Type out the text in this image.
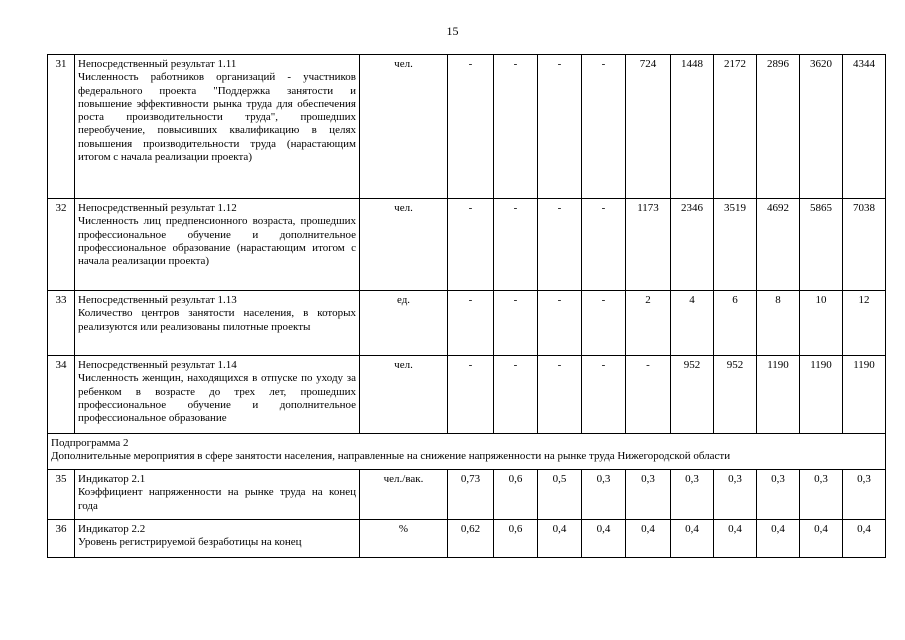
15
31	Непосредственный результат 1.11
Численность работников организаций - участников федерального проекта "Поддержка занятости и повышение эффективности рынка труда для обеспечения роста производительности труда", прошедших переобучение, повысивших квалификацию в целях повышения производительности труда (нарастающим итогом с начала реализации проекта)	чел.	-	-	-	-	724	1448	2172	2896	3620	4344
32	Непосредственный результат 1.12
Численность лиц предпенсионного возраста, прошедших профессиональное обучение и дополнительное профессиональное образование (нарастающим итогом с начала реализации проекта)	чел.	-	-	-	-	1173	2346	3519	4692	5865	7038
33	Непосредственный результат 1.13
Количество центров занятости населения, в которых реализуются или реализованы пилотные проекты	ед.	-	-	-	-	2	4	6	8	10	12
34	Непосредственный результат 1.14
Численность женщин, находящихся в отпуске по уходу за ребенком в возрасте до трех лет, прошедших профессиональное обучение и дополнительное профессиональное образование	чел.	-	-	-	-	-	952	952	1190	1190	1190

Подпрограмма 2
Дополнительные мероприятия в сфере занятости населения, направленные на снижение напряженности на рынке труда Нижегородской области												

35	Индикатор 2.1
Коэффициент напряженности на рынке труда на конец года	чел./вак.	0,73	0,6	0,5	0,3	0,3	0,3	0,3	0,3	0,3	0,3
36	Индикатор 2.2
Уровень регистрируемой безработицы на конец	%	0,62	0,6	0,4	0,4	0,4	0,4	0,4	0,4	0,4	0,4
